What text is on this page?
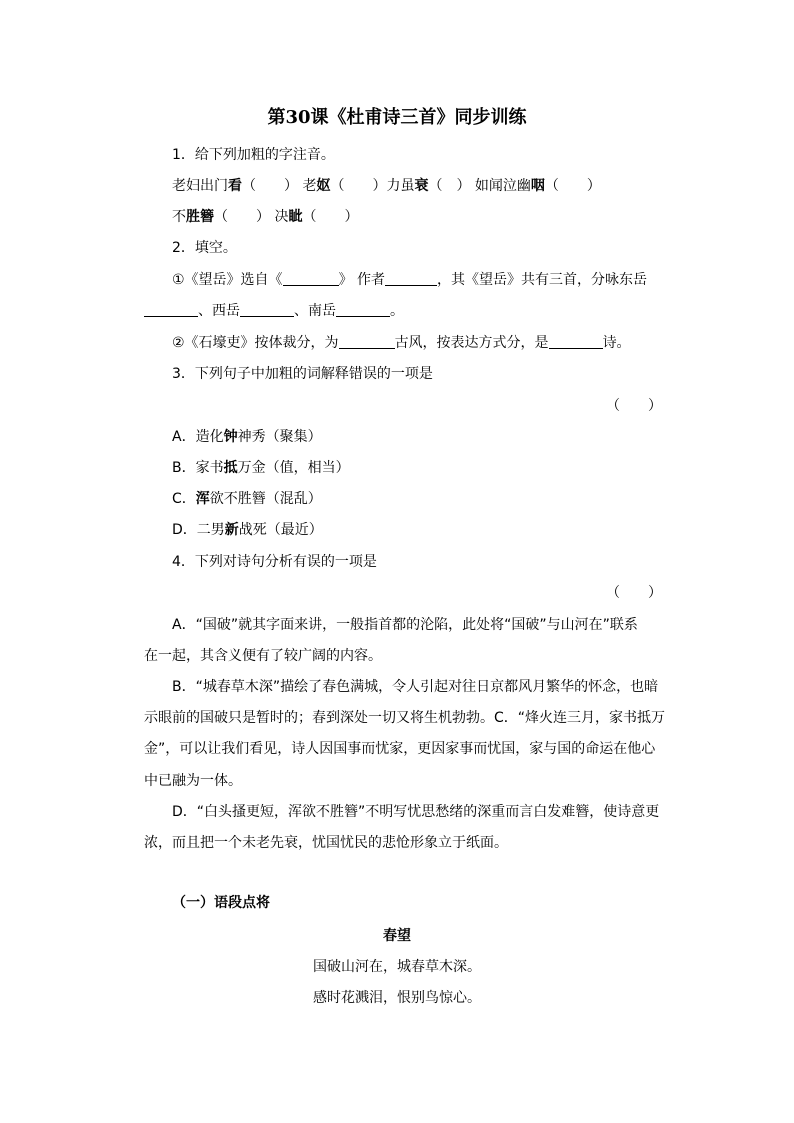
第30课《杜甫诗三首》同步训练
1．给下列加粗的字注音。
老妇出门看（　　） 老妪（　　）力虽衰（　） 如闻泣幽咽（　　）
不胜簪（　　） 决眦（　　）
2．填空。
①《望岳》选自《	》 作者	，其《望岳》共有三首，分咏东岳
、西岳	、南岳	。
②《石壕吏》按体裁分，为	古风，按表达方式分，是	诗。
3．下列句子中加粗的词解释错误的一项是
（　　）
A．造化钟神秀（聚集）
B．家书抵万金（值，相当）
C．浑欲不胜簪（混乱）
D．二男新战死（最近）
4．下列对诗句分析有误的一项是
（　　）
A．“国破”就其字面来讲，一般指首都的沦陷，此处将“国破”与山河在”联系
在一起，其含义便有了较广阔的内容。
B．“城春草木深”描绘了春色满城，令人引起对往日京都风月繁华的怀念，也暗
示眼前的国破只是暂时的；春到深处一切又将生机勃勃。C．“烽火连三月，家书抵万
金”，可以让我们看见，诗人因国事而忧家，更因家事而忧国，家与国的命运在他心
中已融为一体。
D．“白头搔更短，浑欲不胜簪”不明写忧思愁绪的深重而言白发难簪，使诗意更
浓，而且把一个未老先衰，忧国忧民的悲怆形象立于纸面。
（一）语段点将
春望
国破山河在，城春草木深。
感时花溅泪，恨别鸟惊心。
